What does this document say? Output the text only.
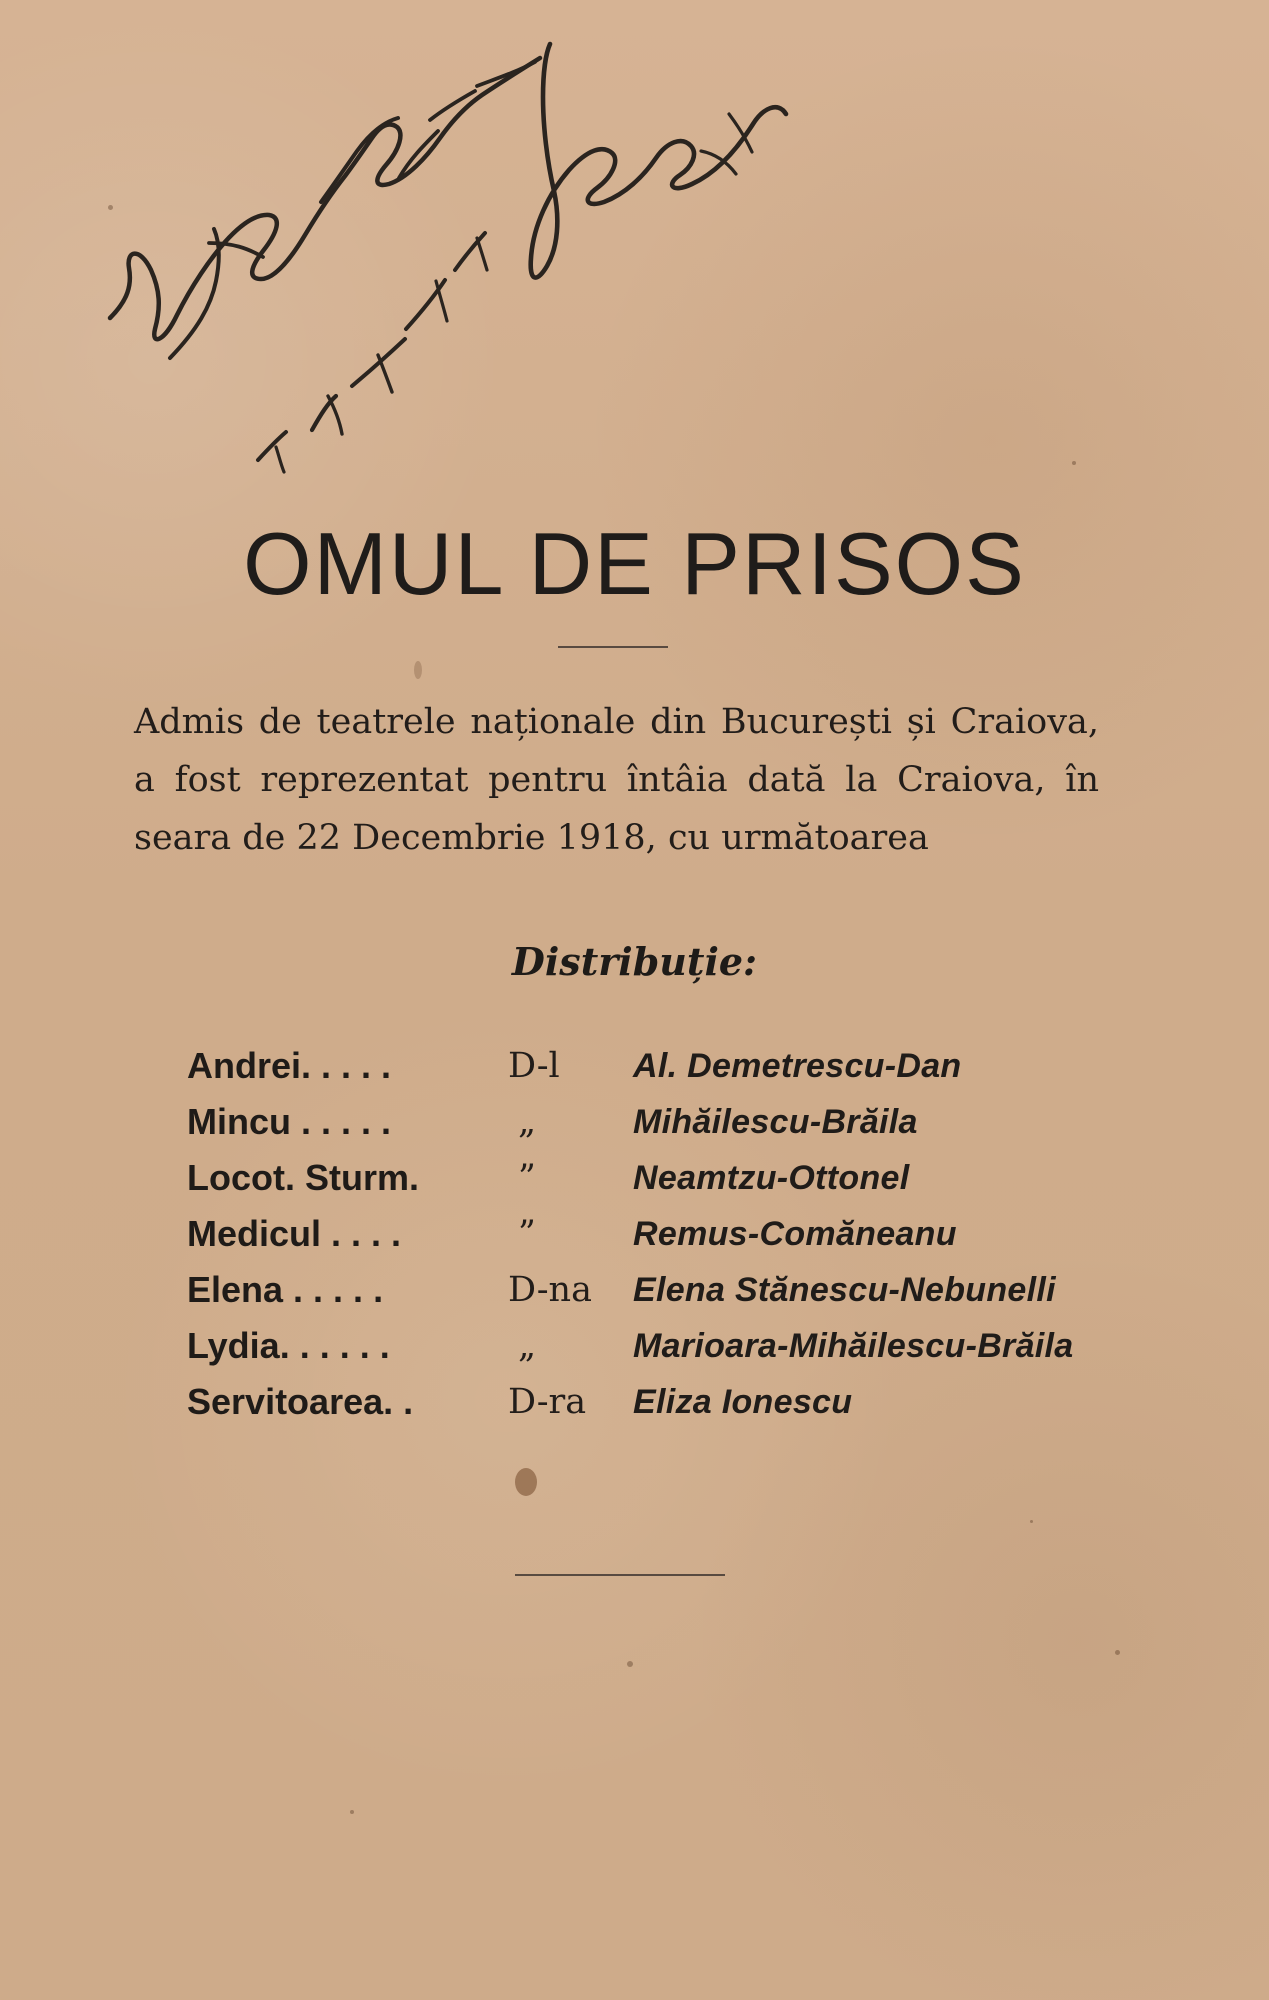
OMUL DE PRISOS
Admis de teatrele naționale din București și Craiova, a fost reprezentat pentru întâia dată la Craiova, în seara de 22 Decembrie 1918, cu următoarea
Distribuție:
Andrei. . . . .	D-l	Al. Demetrescu-Dan
Mincu . . . . .	„	Mihăilescu-Brăila
Locot. Sturm.	”	Neamtzu-Ottonel
Medicul . . . .	”	Remus-Comăneanu
Elena . . . . .	D-na	Elena Stănescu-Nebunelli
Lydia. . . . . .	„	Marioara-Mihăilescu-Brăila
Servitoarea. .	D-ra	Eliza Ionescu
